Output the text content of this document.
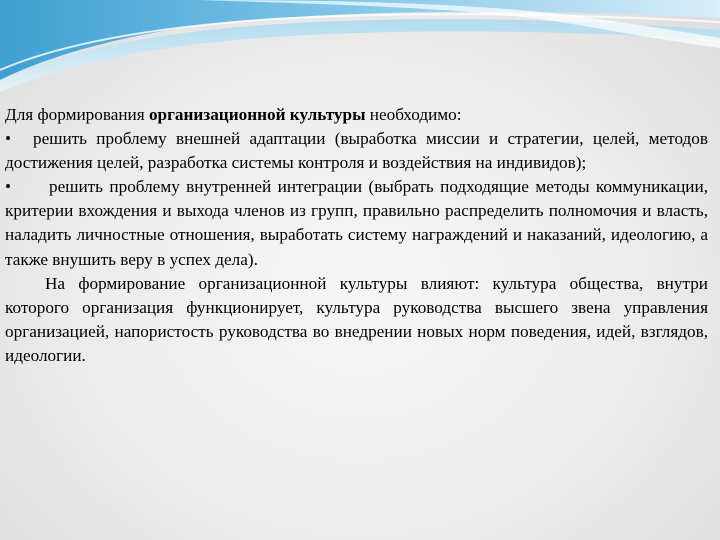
Для формирования организационной культуры необходимо:

• решить проблему внешней адаптации (выработка миссии и стратегии, целей, методов достижения целей, разработка системы контроля и воздействия на индивидов);

• решить проблему внутренней интеграции (выбрать подходящие методы коммуникации, критерии вхождения и выхода членов из групп, правильно распределить полномочия и власть, наладить личностные отношения, выработать систему награждений и наказаний, идеологию, а также внушить веру в успех дела).

На формирование организационной культуры влияют: культура общества, внутри которого организация функционирует, культура руководства высшего звена управления организацией, напористость руководства во внедрении новых норм поведения, идей, взглядов, идеологии.
